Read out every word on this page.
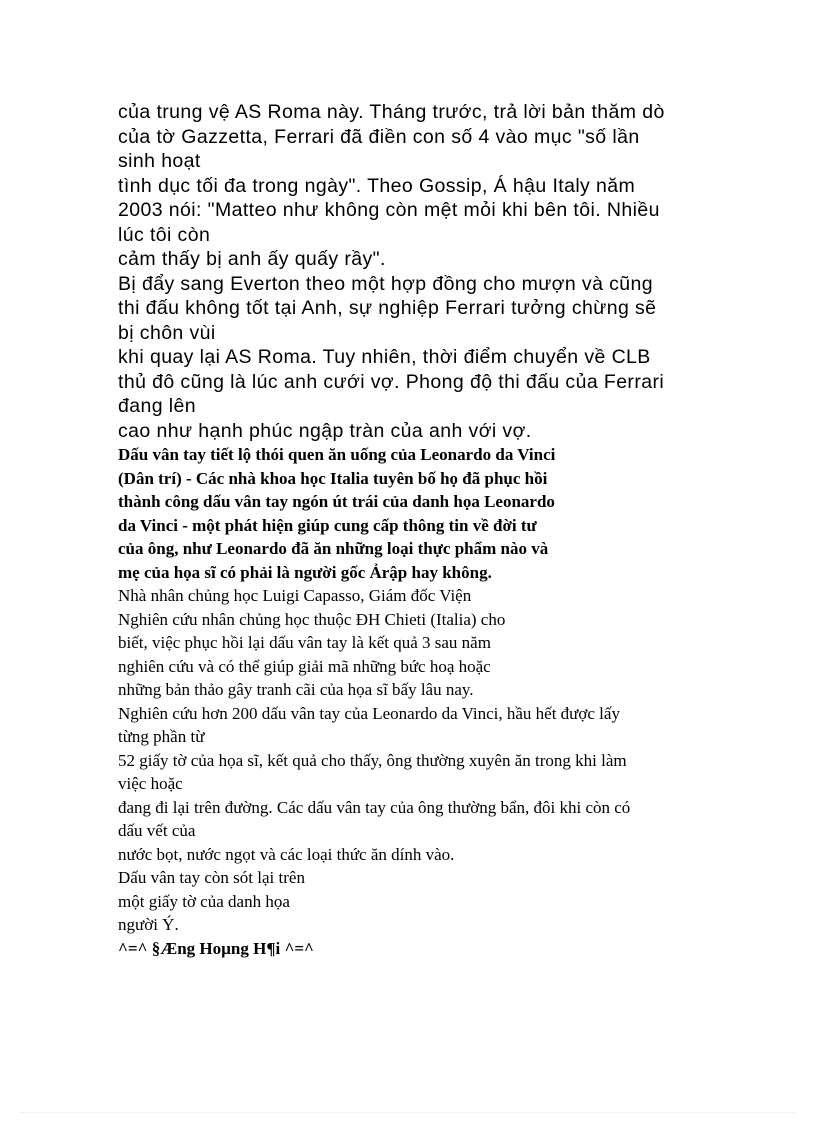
của trung vệ AS Roma này. Tháng trước, trả lời bản thăm dò

của tờ Gazzetta, Ferrari đã điền con số 4 vào mục "số lần

sinh hoạt

tình dục tối đa trong ngày". Theo Gossip, Á hậu Italy năm

2003 nói: "Matteo như không còn mệt mỏi khi bên tôi. Nhiều

lúc tôi còn

cảm thấy bị anh ấy quấy rầy".

Bị đẩy sang Everton theo một hợp đồng cho mượn và cũng

thi đấu không tốt tại Anh, sự nghiệp Ferrari tưởng chừng sẽ

bị chôn vùi

khi quay lại AS Roma. Tuy nhiên, thời điểm chuyển về CLB

thủ đô cũng là lúc anh cưới vợ. Phong độ thi đấu của Ferrari

đang lên

cao như hạnh phúc ngập tràn của anh với vợ.

Dấu vân tay tiết lộ thói quen ăn uống của Leonardo da Vinci

(Dân trí) - Các nhà khoa học Italia tuyên bố họ đã phục hồi thành công dấu vân tay ngón út trái của danh họa Leonardo da Vinci - một phát hiện giúp cung cấp thông tin về đời tư của ông, như Leonardo đã ăn những loại thực phẩm nào và mẹ của họa sĩ có phải là người gốc Ảrập hay không.

Nhà nhân chủng học Luigi Capasso, Giám đốc Viện

Nghiên cứu nhân chủng học thuộc ĐH Chieti (Italia) cho

biết, việc phục hồi lại dấu vân tay là kết quả 3 sau năm

nghiên cứu và có thể giúp giải mã những bức hoạ hoặc

những bản thảo gây tranh cãi của họa sĩ bấy lâu nay.

Nghiên cứu hơn 200 dấu vân tay của Leonardo da Vinci, hầu hết được lấy

từng phần từ

52 giấy tờ của họa sĩ, kết quả cho thấy, ông thường xuyên ăn trong khi làm

việc hoặc

đang đi lại trên đường. Các dấu vân tay của ông thường bẩn, đôi khi còn có

dấu vết của

nước bọt, nước ngọt và các loại thức ăn dính vào.

Dấu vân tay còn sót lại trên

một giấy tờ của danh họa

người Ý.

^=^ §Æng Hoµng H¶i ^=^
